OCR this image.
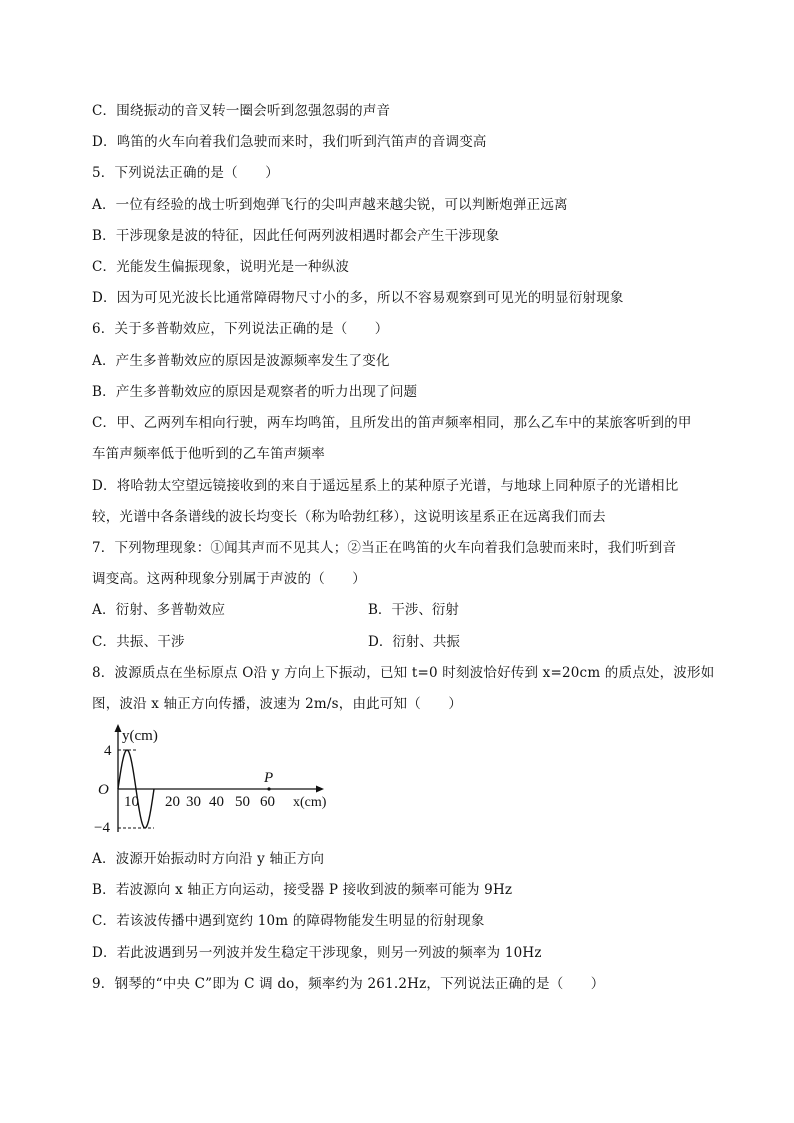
C．围绕振动的音叉转一圈会听到忽强忽弱的声音
D．鸣笛的火车向着我们急驶而来时，我们听到汽笛声的音调变高
5．下列说法正确的是（　　）
A．一位有经验的战士听到炮弹飞行的尖叫声越来越尖锐，可以判断炮弹正远离
B．干涉现象是波的特征，因此任何两列波相遇时都会产生干涉现象
C．光能发生偏振现象，说明光是一种纵波
D．因为可见光波长比通常障碍物尺寸小的多，所以不容易观察到可见光的明显衍射现象
6．关于多普勒效应，下列说法正确的是（　　）
A．产生多普勒效应的原因是波源频率发生了变化
B．产生多普勒效应的原因是观察者的听力出现了问题
C．甲、乙两列车相向行驶，两车均鸣笛，且所发出的笛声频率相同，那么乙车中的某旅客听到的甲
车笛声频率低于他听到的乙车笛声频率
D．将哈勃太空望远镜接收到的来自于遥远星系上的某种原子光谱，与地球上同种原子的光谱相比
较，光谱中各条谱线的波长均变长（称为哈勃红移），这说明该星系正在远离我们而去
7．下列物理现象：①闻其声而不见其人；②当正在鸣笛的火车向着我们急驶而来时，我们听到音
调变高。这两种现象分别属于声波的（　　）
A．衍射、多普勒效应	B．干涉、衍射
C．共振、干涉	D．衍射、共振
8．波源质点在坐标原点 O沿 y 方向上下振动，已知 t=0 时刻波恰好传到 x=20cm 的质点处，波形如
图，波沿 x 轴正方向传播，波速为 2m/s，由此可知（　　）
y(cm)
x(cm)
O
4
−4
10 20 30 40 50 60
P
A．波源开始振动时方向沿 y 轴正方向
B．若波源向 x 轴正方向运动，接受器 P 接收到波的频率可能为 9Hz
C．若该波传播中遇到宽约 10m 的障碍物能发生明显的衍射现象
D．若此波遇到另一列波并发生稳定干涉现象，则另一列波的频率为 10Hz
9．钢琴的“中央 C”即为 C 调 do，频率约为 261.2Hz，下列说法正确的是（　　）
